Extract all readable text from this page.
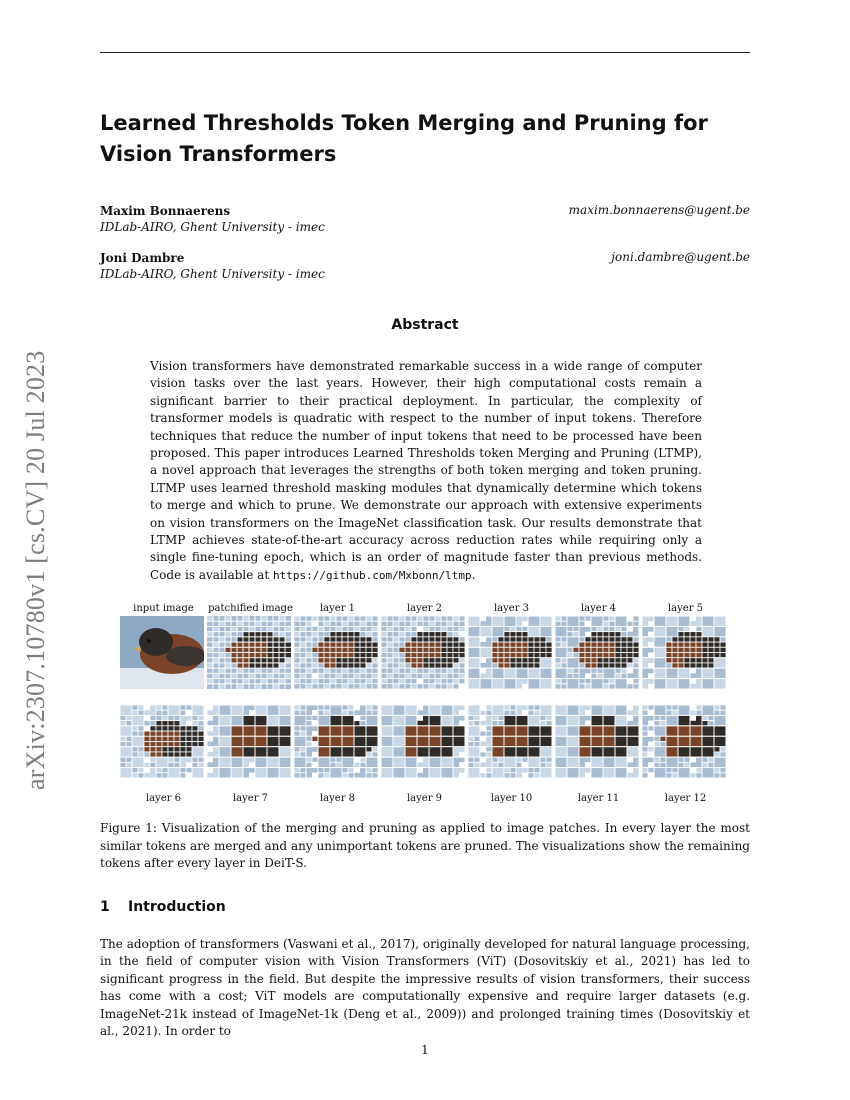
arXiv:2307.10780v1 [cs.CV] 20 Jul 2023
Learned Thresholds Token Merging and Pruning for Vision Transformers
Maxim Bonnaerens
IDLab-AIRO, Ghent University - imec
maxim.bonnaerens@ugent.be
Joni Dambre
IDLab-AIRO, Ghent University - imec
joni.dambre@ugent.be
Abstract

Vision transformers have demonstrated remarkable success in a wide range of computer vision tasks over the last years. However, their high computational costs remain a significant barrier to their practical deployment. In particular, the complexity of transformer models is quadratic with respect to the number of input tokens. Therefore techniques that reduce the number of input tokens that need to be processed have been proposed. This paper introduces Learned Thresholds token Merging and Pruning (LTMP), a novel approach that leverages the strengths of both token merging and token pruning. LTMP uses learned threshold masking modules that dynamically determine which tokens to merge and which to prune. We demonstrate our approach with extensive experiments on vision transformers on the ImageNet classification task. Our results demonstrate that LTMP achieves state-of-the-art accuracy across reduction rates while requiring only a single fine-tuning epoch, which is an order of magnitude faster than previous methods. Code is available at https://github.com/Mxbonn/ltmp.

input image	patchified image	layer 1	layer 2	layer 3	layer 4	layer 5
layer 6	layer 7	layer 8	layer 9	layer 10	layer 11	layer 12

Figure 1: Visualization of the merging and pruning as applied to image patches. In every layer the most similar tokens are merged and any unimportant tokens are pruned. The visualizations show the remaining tokens after every layer in DeiT-S.

1 Introduction

The adoption of transformers (Vaswani et al., 2017), originally developed for natural language processing, in the field of computer vision with Vision Transformers (ViT) (Dosovitskiy et al., 2021) has led to significant progress in the field. But despite the impressive results of vision transformers, their success has come with a cost; ViT models are computationally expensive and require larger datasets (e.g. ImageNet-21k instead of ImageNet-1k (Deng et al., 2009)) and prolonged training times (Dosovitskiy et al., 2021). In order to

1
